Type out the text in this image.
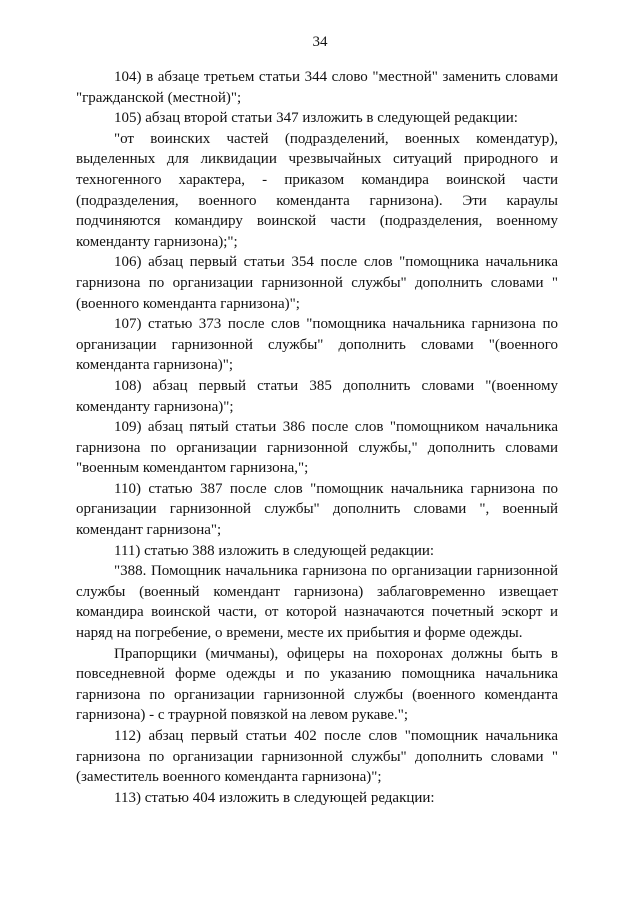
34

104) в абзаце третьем статьи 344 слово "местной" заменить словами "гражданской (местной)";

105) абзац второй статьи 347 изложить в следующей редакции:

"от воинских частей (подразделений, военных комендатур), выделенных для ликвидации чрезвычайных ситуаций природного и техногенного характера, - приказом командира воинской части (подразделения, военного коменданта гарнизона). Эти караулы подчиняются командиру воинской части (подразделения, военному коменданту гарнизона);";

106) абзац первый статьи 354 после слов "помощника начальника гарнизона по организации гарнизонной службы" дополнить словами "(военного коменданта гарнизона)";

107) статью 373 после слов "помощника начальника гарнизона по организации гарнизонной службы" дополнить словами "(военного коменданта гарнизона)";

108) абзац первый статьи 385 дополнить словами "(военному коменданту гарнизона)";

109) абзац пятый статьи 386 после слов "помощником начальника гарнизона по организации гарнизонной службы," дополнить словами "военным комендантом гарнизона,";

110) статью 387 после слов "помощник начальника гарнизона по организации гарнизонной службы" дополнить словами ", военный комендант гарнизона";

111) статью 388 изложить в следующей редакции:

"388. Помощник начальника гарнизона по организации гарнизонной службы (военный комендант гарнизона) заблаговременно извещает командира воинской части, от которой назначаются почетный эскорт и наряд на погребение, о времени, месте их прибытия и форме одежды.

Прапорщики (мичманы), офицеры на похоронах должны быть в повседневной форме одежды и по указанию помощника начальника гарнизона по организации гарнизонной службы (военного коменданта гарнизона) - с траурной повязкой на левом рукаве.";

112) абзац первый статьи 402 после слов "помощник начальника гарнизона по организации гарнизонной службы" дополнить словами "(заместитель военного коменданта гарнизона)";

113) статью 404 изложить в следующей редакции:
